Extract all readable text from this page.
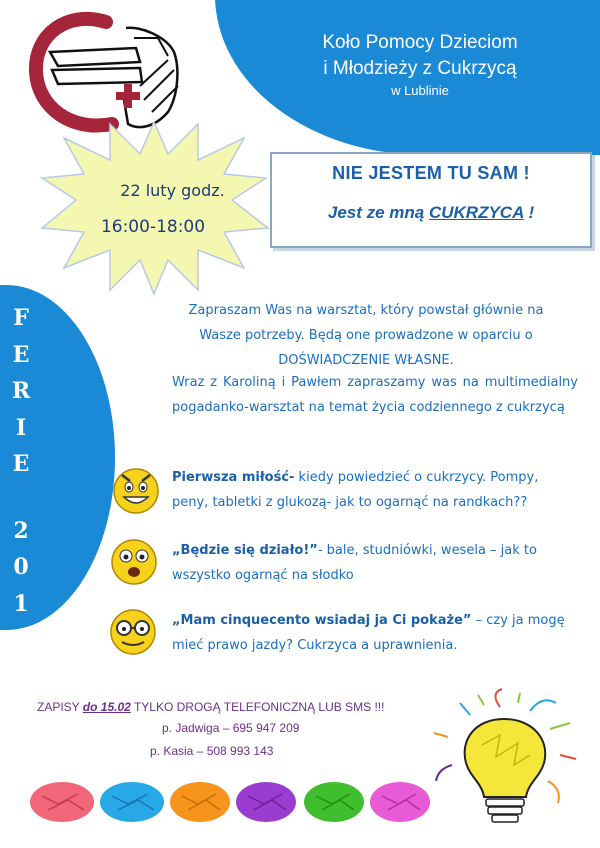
Koło Pomocy Dzieciom
i Młodzieży z Cukrzycą
w Lublinie
22 luty godz.
16:00-18:00
NIE JESTEM TU SAM !
Jest ze mną CUKRZYCA !
F
E
R
I
E
2
0
1
6
Zapraszam Was na warsztat, który powstał głównie na
Wasze potrzeby. Będą one prowadzone w oparciu o
DOŚWIADCZENIE WŁASNE.
Wraz z Karoliną i Pawłem zapraszamy was na multimedialny pogadanko-warsztat na temat życia codziennego z cukrzycą
Pierwsza miłość- kiedy powiedzieć o cukrzycy. Pompy, peny, tabletki z glukozą- jak to ogarnąć na randkach??
„Będzie się działo!”- bale, studniówki, wesela – jak to wszystko ogarnąć na słodko
„Mam cinquecento wsiadaj ja Ci pokaże” – czy ja mogę mieć prawo jazdy? Cukrzyca a uprawnienia.
ZAPISY do 15.02 TYLKO DROGĄ TELEFONICZNĄ LUB SMS !!!
p. Jadwiga – 695 947 209
p. Kasia – 508 993 143
